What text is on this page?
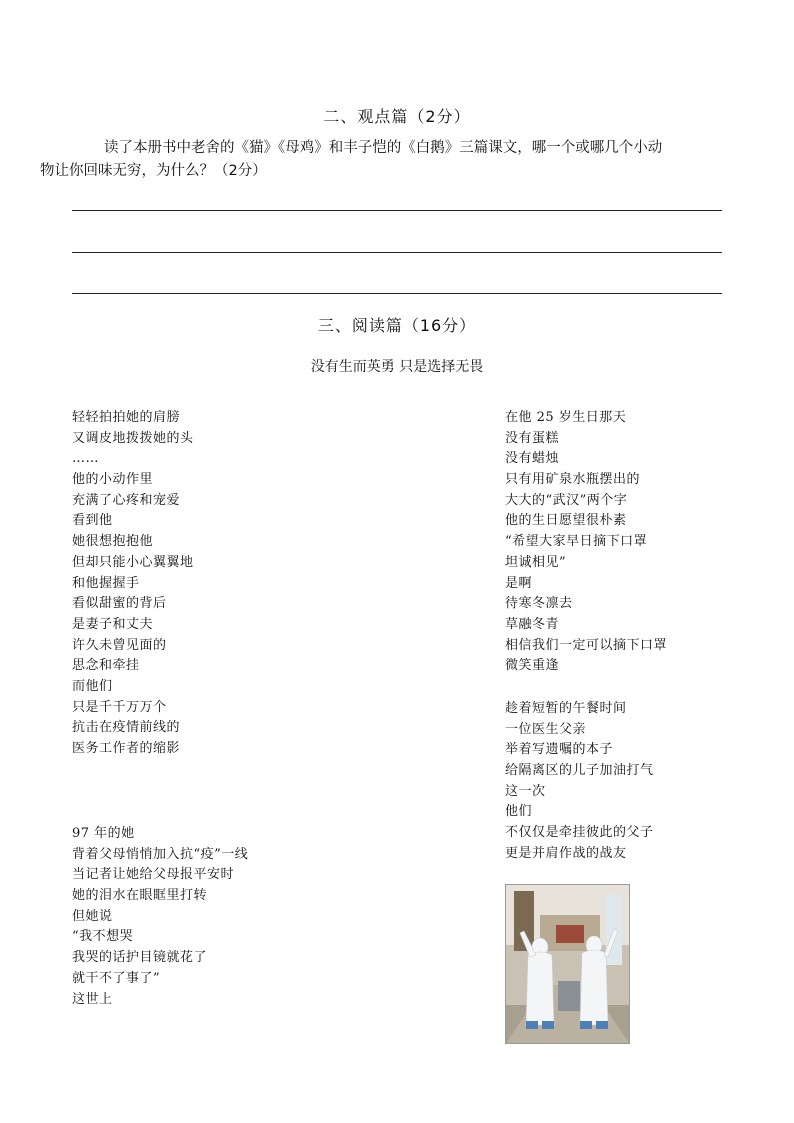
二、观点篇（2分）
读了本册书中老舍的《猫》《母鸡》和丰子恺的《白鹅》三篇课文，哪一个或哪几个小动
物让你回味无穷，为什么？（2分）
三、阅读篇（16分）
没有生而英勇 只是选择无畏
轻轻拍拍她的肩膀
又调皮地拨拨她的头
……
他的小动作里
充满了心疼和宠爱
看到他
她很想抱抱他
但却只能小心翼翼地
和他握握手
看似甜蜜的背后
是妻子和丈夫
许久未曾见面的
思念和牵挂
而他们
只是千千万万个
抗击在疫情前线的
医务工作者的缩影
97 年的她
背着父母悄悄加入抗“疫”一线
当记者让她给父母报平安时
她的泪水在眼眶里打转
但她说
“我不想哭
我哭的话护目镜就花了
就干不了事了”
这世上
在他 25 岁生日那天
没有蛋糕
没有蜡烛
只有用矿泉水瓶摆出的
大大的“武汉”两个字
他的生日愿望很朴素
“希望大家早日摘下口罩
坦诚相见”
是啊
待寒冬凛去
草融冬青
相信我们一定可以摘下口罩
微笑重逢
趁着短暂的午餐时间
一位医生父亲
举着写遗嘱的本子
给隔离区的儿子加油打气
这一次
他们
不仅仅是牵挂彼此的父子
更是并肩作战的战友
